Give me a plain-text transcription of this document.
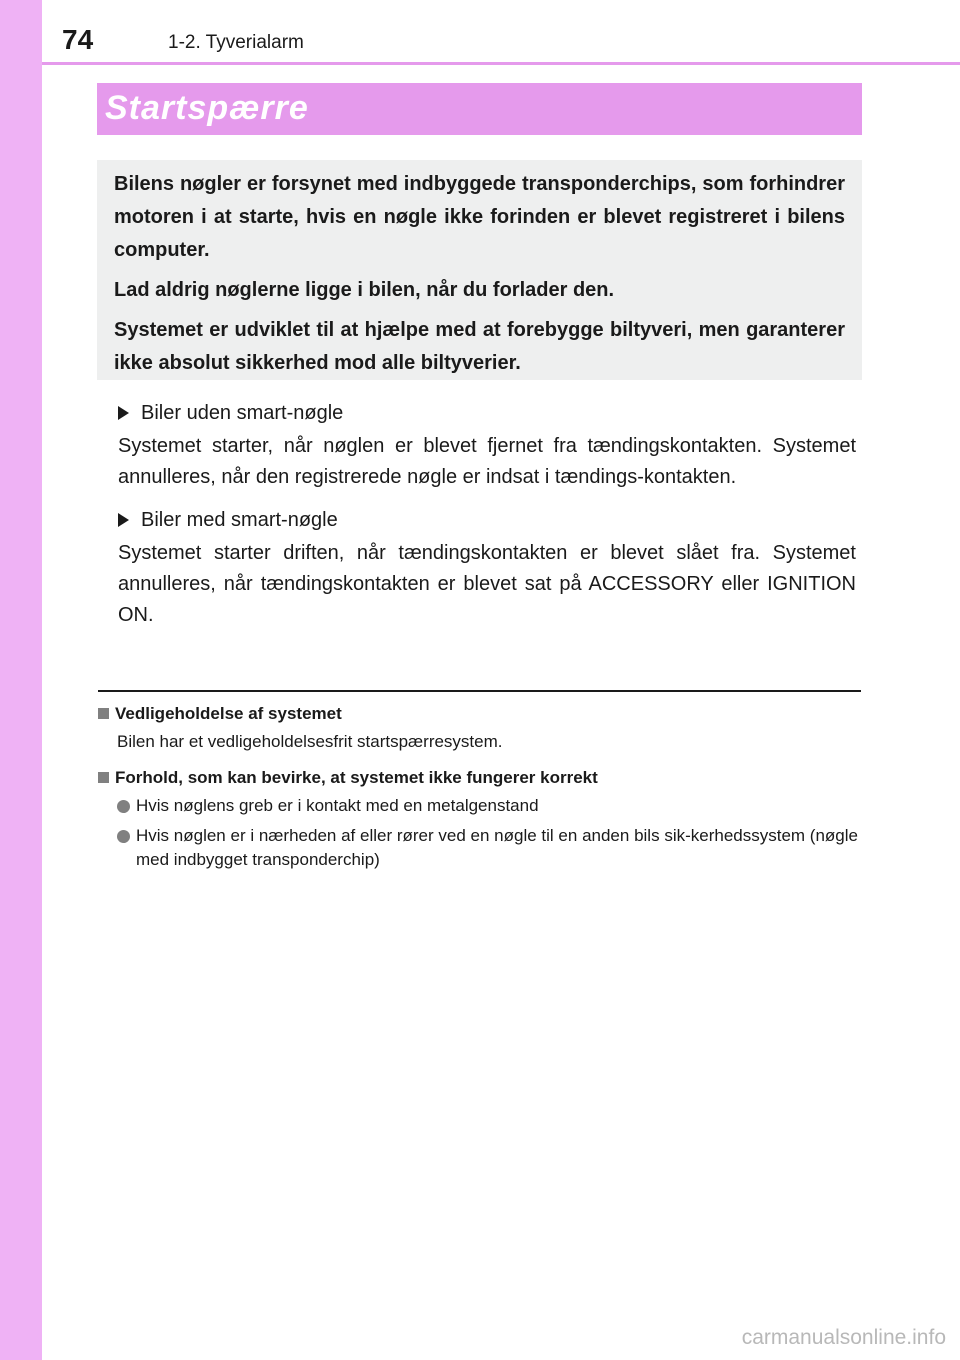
74	1-2. Tyverialarm
Startspærre

Bilens nøgler er forsynet med indbyggede transponderchips, som forhindrer motoren i at starte, hvis en nøgle ikke forinden er blevet registreret i bilens computer.

Lad aldrig nøglerne ligge i bilen, når du forlader den.

Systemet er udviklet til at hjælpe med at forebygge biltyveri, men garanterer ikke absolut sikkerhed mod alle biltyverier.

Biler uden smart-nøgle

Systemet starter, når nøglen er blevet fjernet fra tændingskontakten. Systemet annulleres, når den registrerede nøgle er indsat i tændings-kontakten.

Biler med smart-nøgle

Systemet starter driften, når tændingskontakten er blevet slået fra. Systemet annulleres, når tændingskontakten er blevet sat på ACCESSORY eller IGNITION ON.

Vedligeholdelse af systemet
Bilen har et vedligeholdelsesfrit startspærresystem.
Forhold, som kan bevirke, at systemet ikke fungerer korrekt
Hvis nøglens greb er i kontakt med en metalgenstand
Hvis nøglen er i nærheden af eller rører ved en nøgle til en anden bils sik-kerhedssystem (nøgle med indbygget transponderchip)
carmanualsonline.info
